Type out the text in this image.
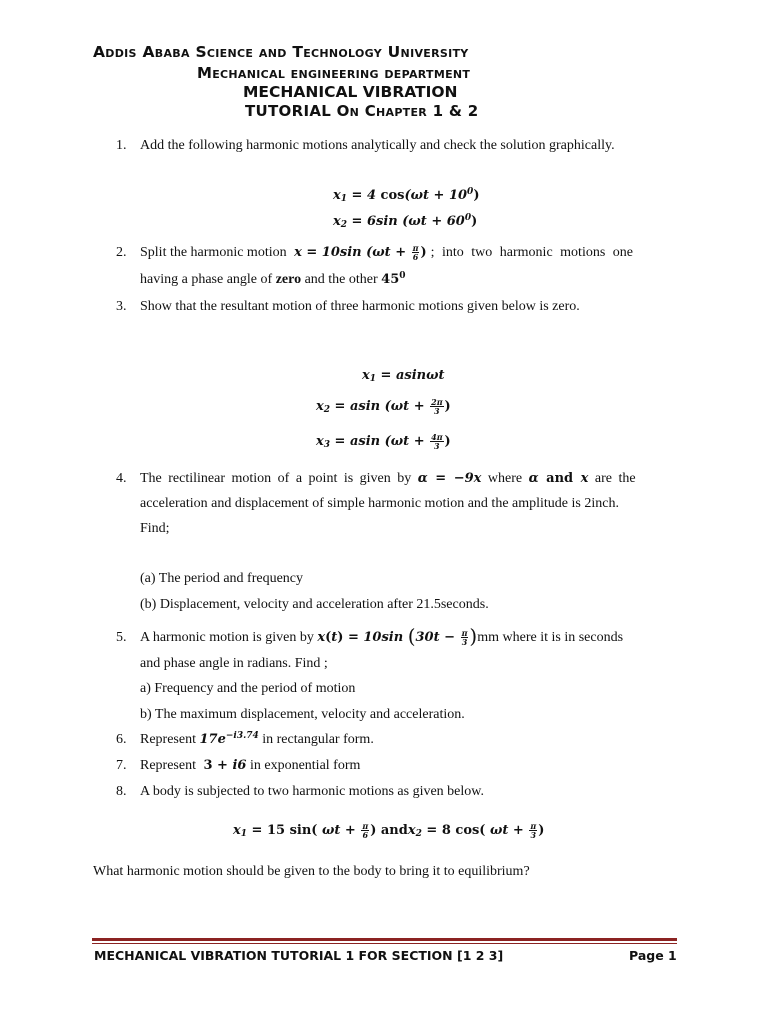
Addis Ababa Science and Technology University
Mechanical engineering department
MECHANICAL VIBRATION
TUTORIAL On Chapter 1 & 2
1. Add the following harmonic motions analytically and check the solution graphically.
$x_1 = 4$ $\cos(\omega t + 10^0)$
$x_2 = 6\sin$ $(\omega t + 60^0)$
2. Split the harmonic motion x = 10sin ($\omega t + \frac{\pi}{6}$ ) ; into two harmonic motions one
having a phase angle of zero and the other $45^0$
3. Show that the resultant motion of three harmonic motions given below is zero.
$x_1 = asin\omega t$
$x_2 = asin$ ($\omega t + \frac{2\pi}{3}$ )
$x_3 = asin$ ($\omega t + \frac{4\pi}{3}$ )
4. The rectilinear motion of a point is given by α = −9x where α and x are the
acceleration and displacement of simple harmonic motion and the amplitude is 2inch.
Find;
(a) The period and frequency
(b) Displacement, velocity and acceleration after 21.5seconds.
5. A harmonic motion is given by x(t) = 10sin $(30t - \frac{\pi}{3} )mm$ where it is in seconds
and phase angle in radians. Find ;
a) Frequency and the period of motion
b) The maximum displacement, velocity and acceleration.
6. Represent $17e^{-i3.74}$ in rectangular form.
7. Represent 3 + i6 in exponential form
8. A body is subjected to two harmonic motions as given below.
$x_1 = 15$ sin( $\omega t + \frac{\pi}{6}$ ) andx$_2$ = 8 cos( $\omega t + \frac{\pi}{3}$ )
What harmonic motion should be given to the body to bring it to equilibrium?
MECHANICAL VIBRATION TUTORIAL 1 FOR SECTION [1 2 3]	Page 1
